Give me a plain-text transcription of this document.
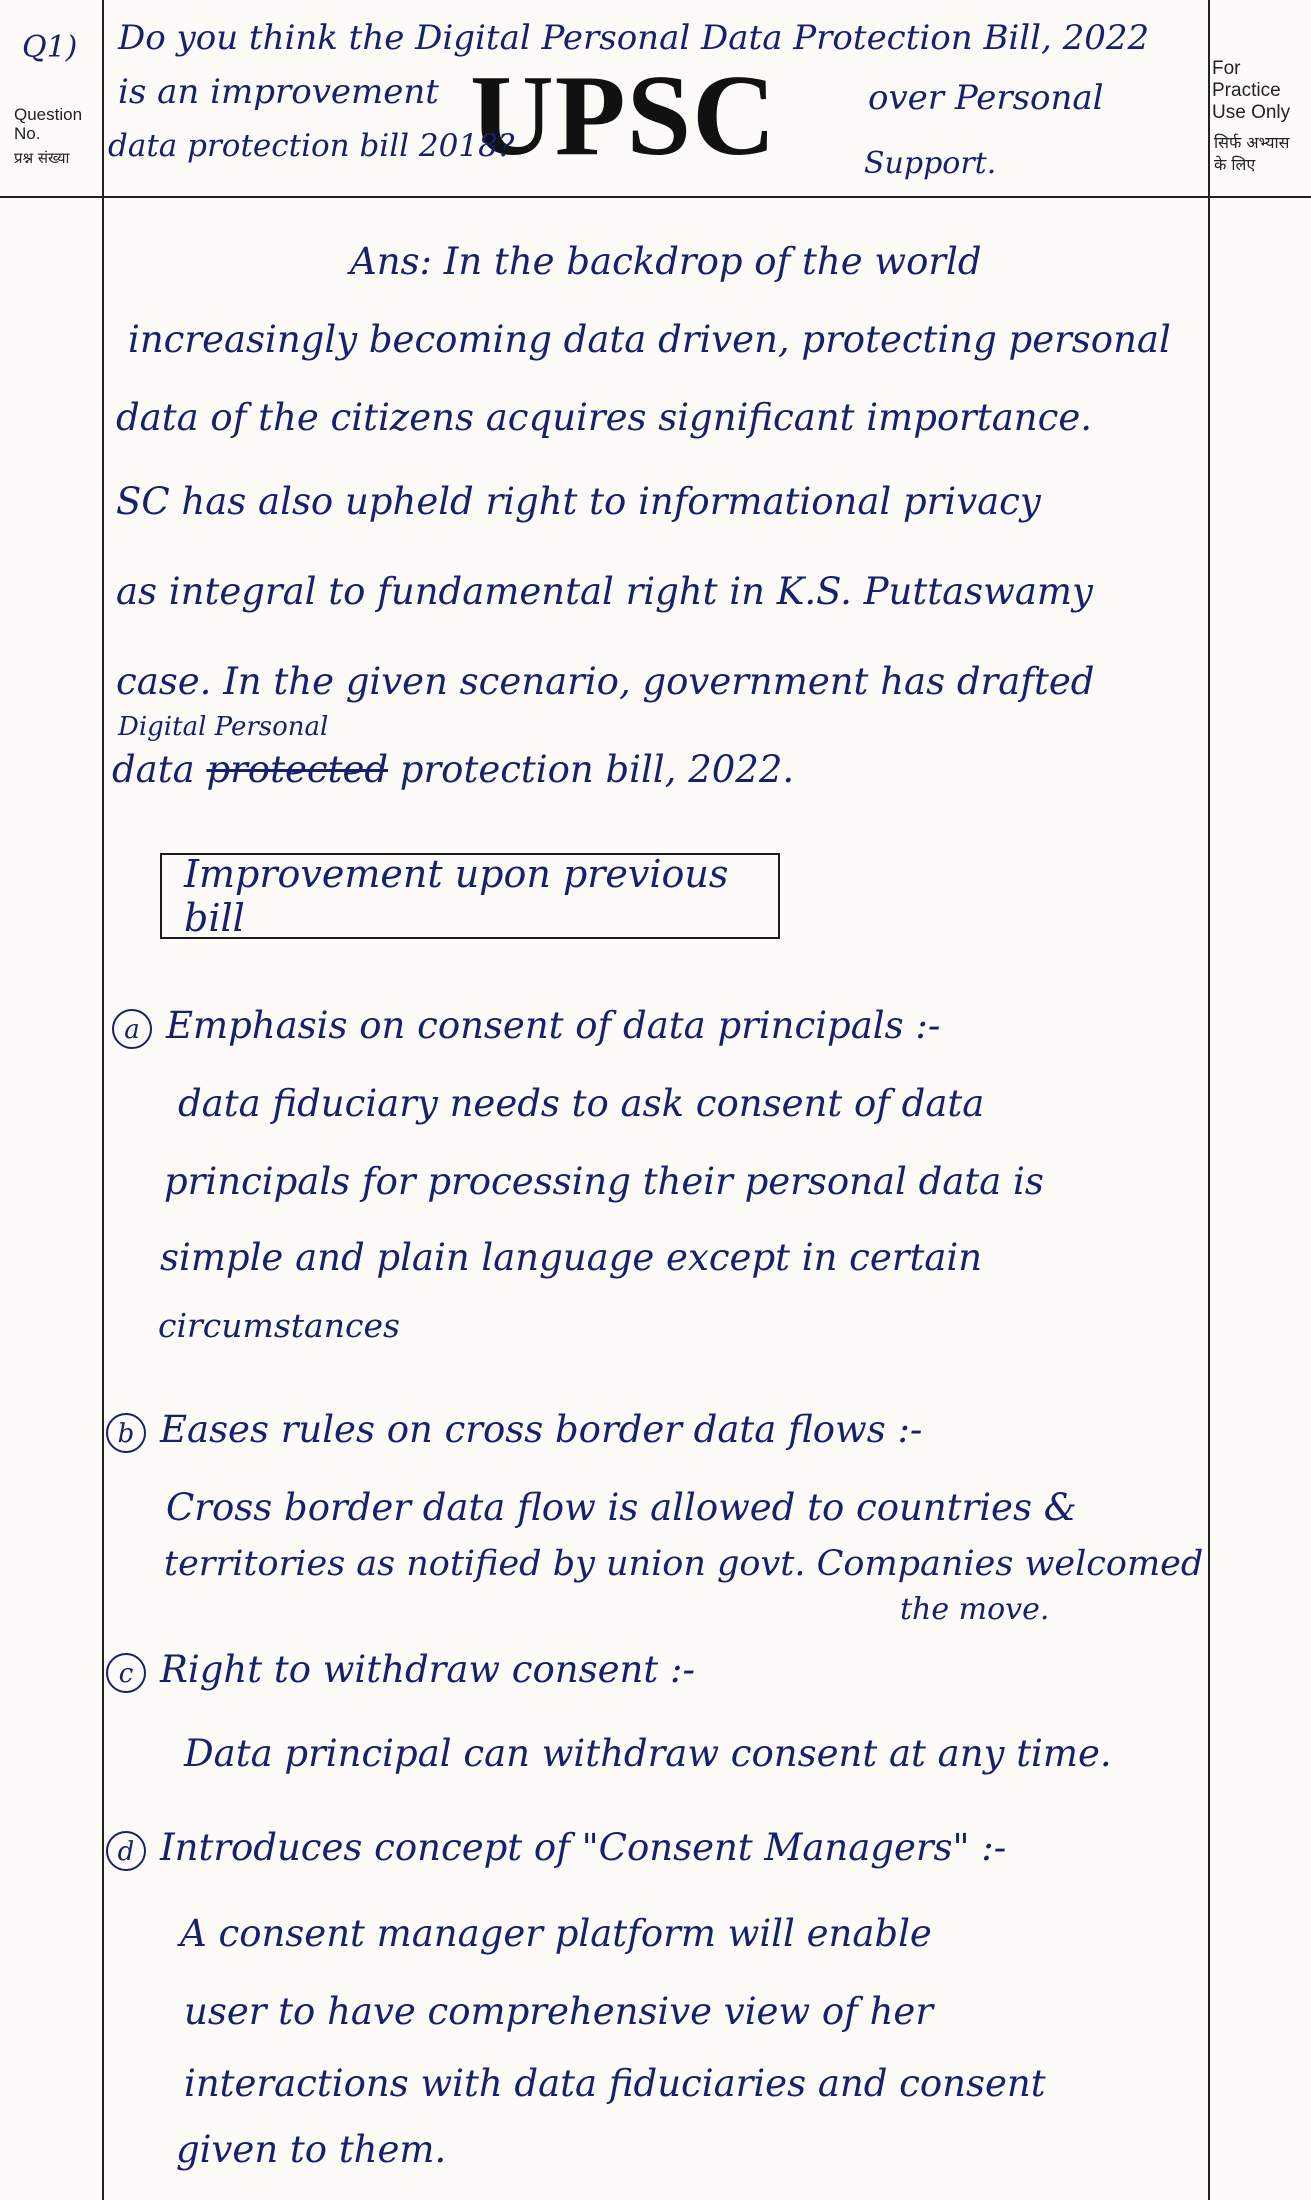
Q1)
Question No.
प्रश्न संख्या	UPSC	For Practice Use Only
सिर्फ अभ्यास के लिए
Do you think the Digital Personal Data Protection Bill, 2022
is an improvement
data protection bill 2018?
over Personal
Support.
Ans: In the backdrop of the world
increasingly becoming data driven, protecting personal
data of the citizens acquires significant importance.
SC has also upheld right to informational privacy
as integral to fundamental right in K.S. Puttaswamy
case. In the given scenario, government has drafted
Digital Personal
data protected protection bill, 2022.
Improvement upon previous bill
a Emphasis on consent of data principals :-
data fiduciary needs to ask consent of data
principals for processing their personal data is
simple and plain language except in certain
circumstances
b Eases rules on cross border data flows :-
Cross border data flow is allowed to countries &
territories as notified by union govt. Companies welcomed
the move.
c Right to withdraw consent :-
Data principal can withdraw consent at any time.
d Introduces concept of "Consent Managers" :-
A consent manager platform will enable
user to have comprehensive view of her
interactions with data fiduciaries and consent
given to them.
